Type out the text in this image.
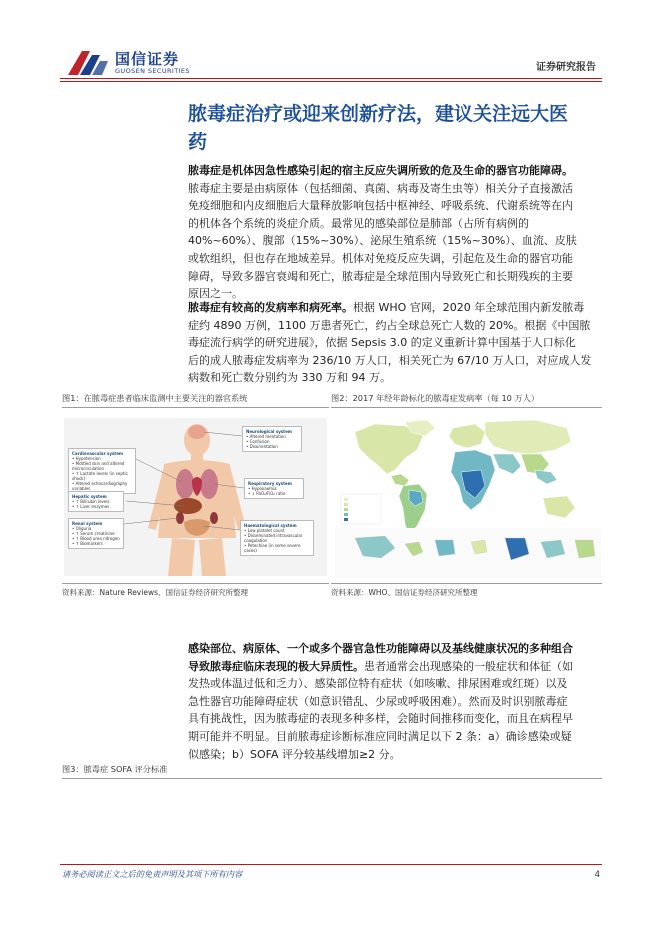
国信证券
GUOSEN SECURITIES	证券研究报告
脓毒症治疗或迎来创新疗法，建议关注远大医
药
脓毒症是机体因急性感染引起的宿主反应失调所致的危及生命的器官功能障碍。
脓毒症主要是由病原体（包括细菌、真菌、病毒及寄生虫等）相关分子直接激活
免疫细胞和内皮细胞后大量释放影响包括中枢神经、呼吸系统、代谢系统等在内
的机体各个系统的炎症介质。最常见的感染部位是肺部（占所有病例的
40%~60%）、腹部（15%~30%）、泌尿生殖系统（15%~30%）、血流、皮肤
或软组织，但也存在地域差异。机体对免疫反应失调，引起危及生命的器官功能
障碍，导致多器官衰竭和死亡，脓毒症是全球范围内导致死亡和长期残疾的主要
原因之一。
脓毒症有较高的发病率和病死率。根据 WHO 官网，2020 年全球范围内新发脓毒
症约 4890 万例，1100 万患者死亡，约占全球总死亡人数的 20%。根据《中国脓
毒症流行病学的研究进展》，依据 Sepsis 3.0 的定义重新计算中国基于人口标化
后的成人脓毒症发病率为 236/10 万人口，相关死亡为 67/10 万人口，对应成人发
病数和死亡数分别约为 330 万和 94 万。
图1：在脓毒症患者临床监测中主要关注的器官系统
Cardiovascular system
• Hypotension
• Mottled skin and altered microcirculation
• ↑ Lactate levels (in septic shock)
• Altered echocardiography variables
Hepatic system
• ↑ Bilirubin levels
• ↑ Liver enzymes
Renal system
• Oliguria
• ↑ Serum creatinine
• ↑ Blood urea nitrogen
• ↑ Biomarkers
Neurological system
• Altered mentation
• Confusion
• Disorientation
Respiratory system
• Hypoxaemia
• ↓ PaO₂/FiO₂ ratio
Haematological system
• Low platelet count
• Disseminated intravascular coagulation
• Petechiae (in some severe cases)
资料来源：Nature Reviews、国信证券经济研究所整理
图2：2017 年经年龄标化的脓毒症发病率（每 10 万人）
资料来源：WHO、国信证券经济研究所整理
感染部位、病原体、一个或多个器官急性功能障碍以及基线健康状况的多种组合
导致脓毒症临床表现的极大异质性。患者通常会出现感染的一般症状和体征（如
发热或体温过低和乏力）、感染部位特有症状（如咳嗽、排尿困难或红斑）以及
急性器官功能障碍症状（如意识错乱、少尿或呼吸困难）。然而及时识别脓毒症
具有挑战性，因为脓毒症的表现多种多样，会随时间推移而变化，而且在病程早
期可能并不明显。目前脓毒症诊断标准应同时满足以下 2 条：a）确诊感染或疑
似感染；b）SOFA 评分较基线增加≥2 分。
图3：脓毒症 SOFA 评分标准
请务必阅读正文之后的免责声明及其项下所有内容	4
